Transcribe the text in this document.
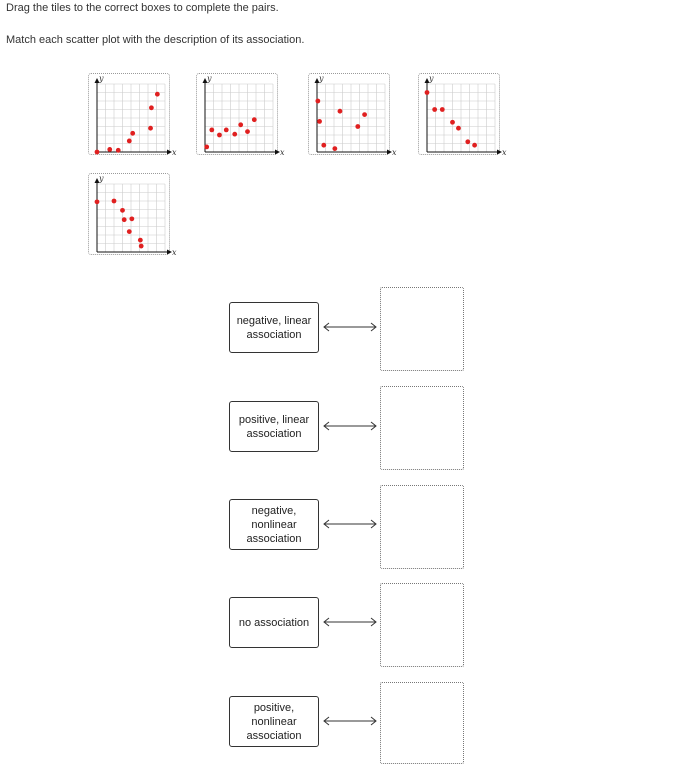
Drag the tiles to the correct boxes to complete the pairs.
Match each scatter plot with the description of its association.
y
x
y
x
y
x
y
x
y
x
negative, linear association
positive, linear association
negative, nonlinear association
no association
positive, nonlinear association
